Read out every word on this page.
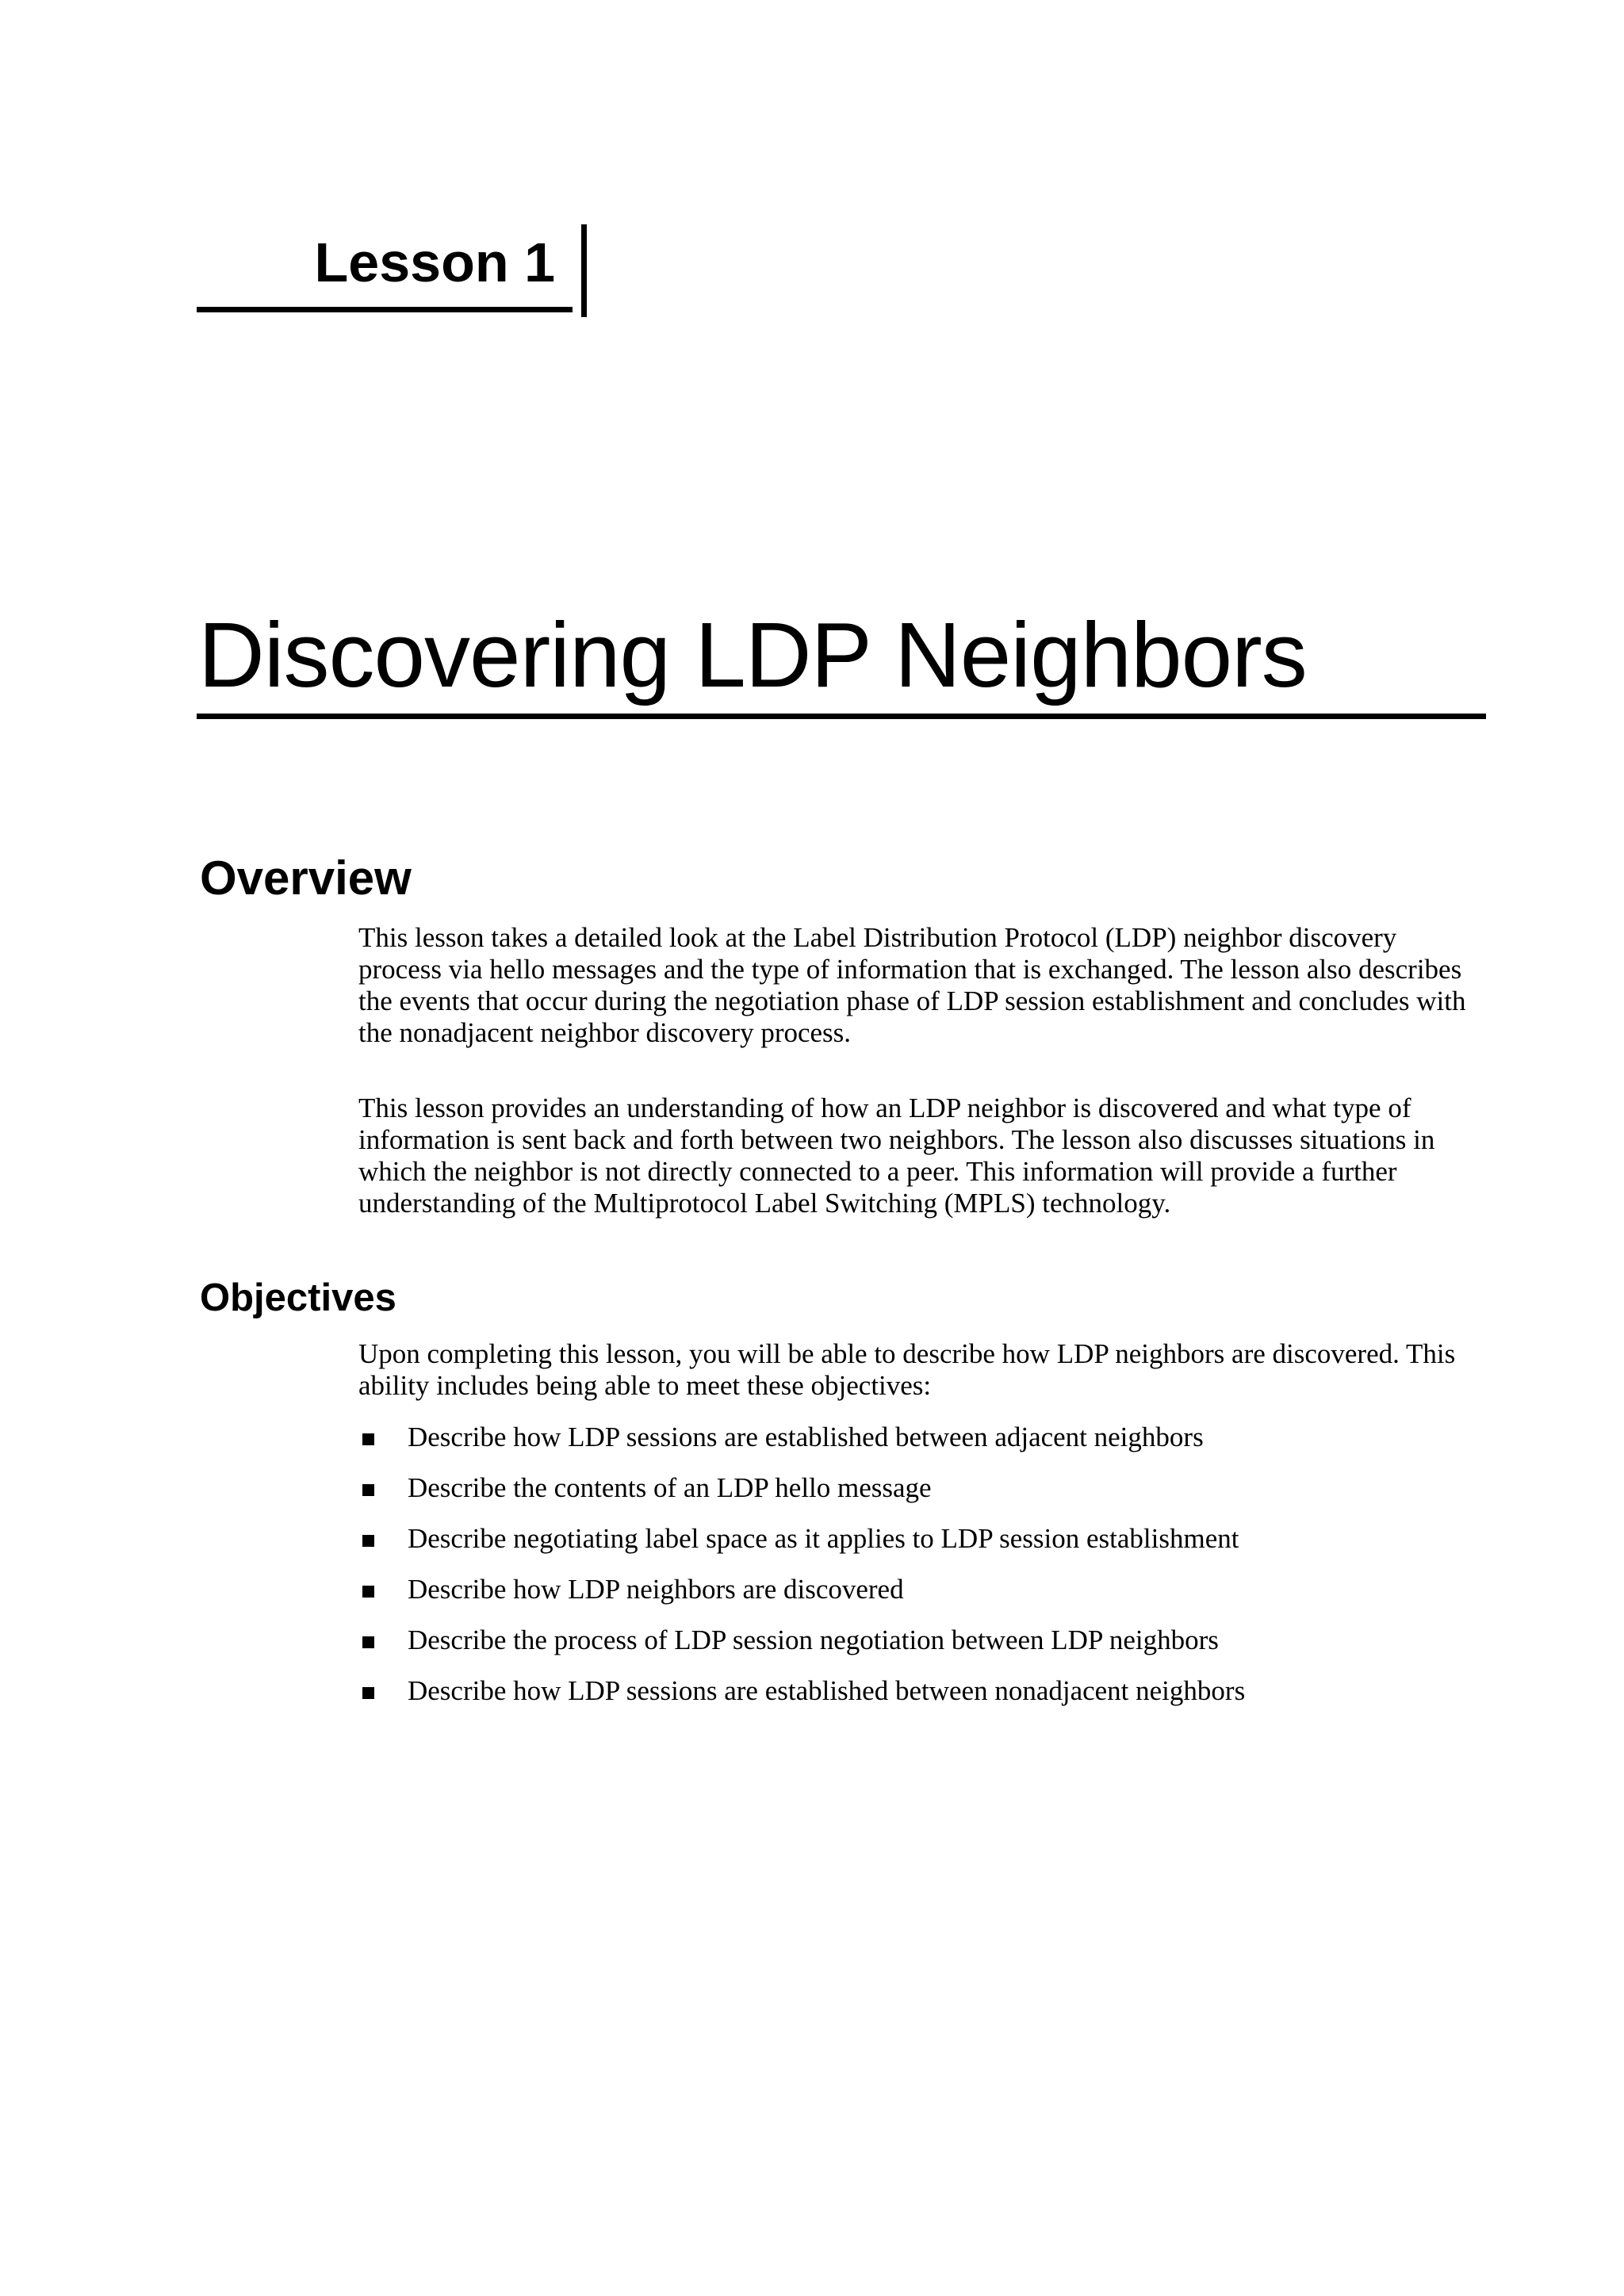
Lesson 1
Discovering LDP Neighbors
Overview

This lesson takes a detailed look at the Label Distribution Protocol (LDP) neighbor discovery process via hello messages and the type of information that is exchanged. The lesson also describes the events that occur during the negotiation phase of LDP session establishment and concludes with the nonadjacent neighbor discovery process.

This lesson provides an understanding of how an LDP neighbor is discovered and what type of information is sent back and forth between two neighbors. The lesson also discusses situations in which the neighbor is not directly connected to a peer. This information will provide a further understanding of the Multiprotocol Label Switching (MPLS) technology.

Objectives

Upon completing this lesson, you will be able to describe how LDP neighbors are discovered. This ability includes being able to meet these objectives:

Describe how LDP sessions are established between adjacent neighbors
Describe the contents of an LDP hello message
Describe negotiating label space as it applies to LDP session establishment
Describe how LDP neighbors are discovered
Describe the process of LDP session negotiation between LDP neighbors
Describe how LDP sessions are established between nonadjacent neighbors
